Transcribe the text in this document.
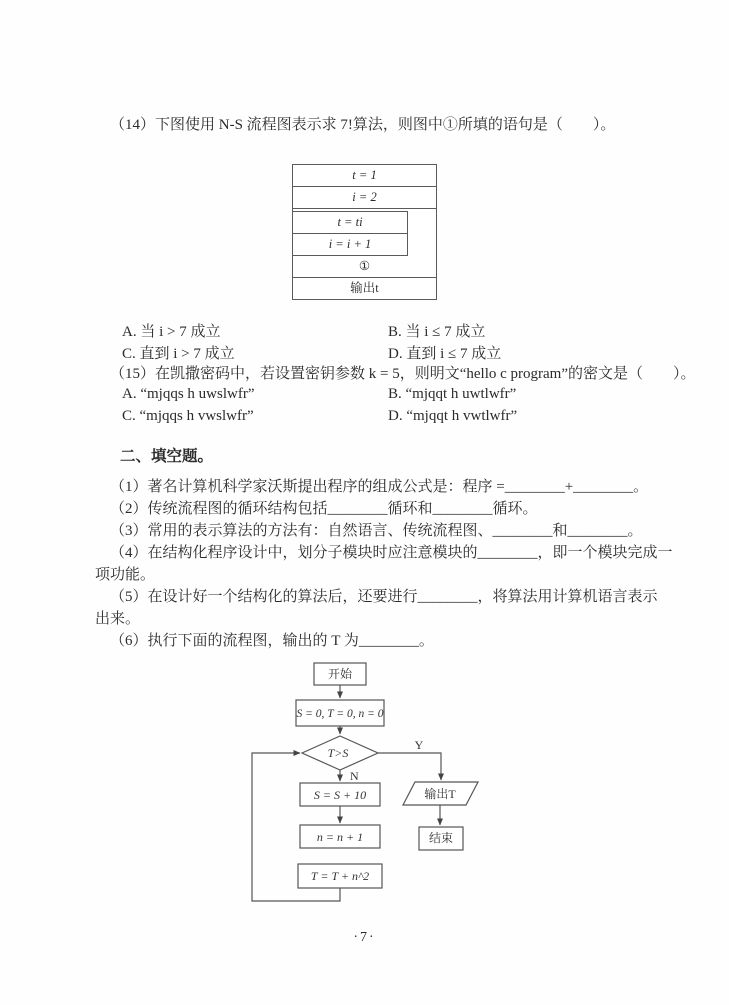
（14）下图使用 N-S 流程图表示求 7!算法，则图中①所填的语句是（　　）。
t = 1
i = 2
t = ti
i = i + 1
①
输出t
A. 当 i > 7 成立	B. 当 i ≤ 7 成立
C. 直到 i > 7 成立	D. 直到 i ≤ 7 成立
（15）在凯撒密码中，若设置密钥参数 k = 5，则明文“hello c program”的密文是（　　）。
A. “mjqqs h uwslwfr”	B. “mjqqt h uwtlwfr”
C. “mjqqs h vwslwfr”	D. “mjqqt h vwtlwfr”
二、填空题。
（1）著名计算机科学家沃斯提出程序的组成公式是：程序 =________+________。
（2）传统流程图的循环结构包括________循环和________循环。
（3）常用的表示算法的方法有：自然语言、传统流程图、________和________。
（4）在结构化程序设计中，划分子模块时应注意模块的________，即一个模块完成一
项功能。
（5）在设计好一个结构化的算法后，还要进行________，将算法用计算机语言表示
出来。
（6）执行下面的流程图，输出的 T 为________。
开始
S = 0, T = 0, n = 0
T>S
Y
N
S = S + 10
n = n + 1
T = T + n^2
输出T
结束
·7·
